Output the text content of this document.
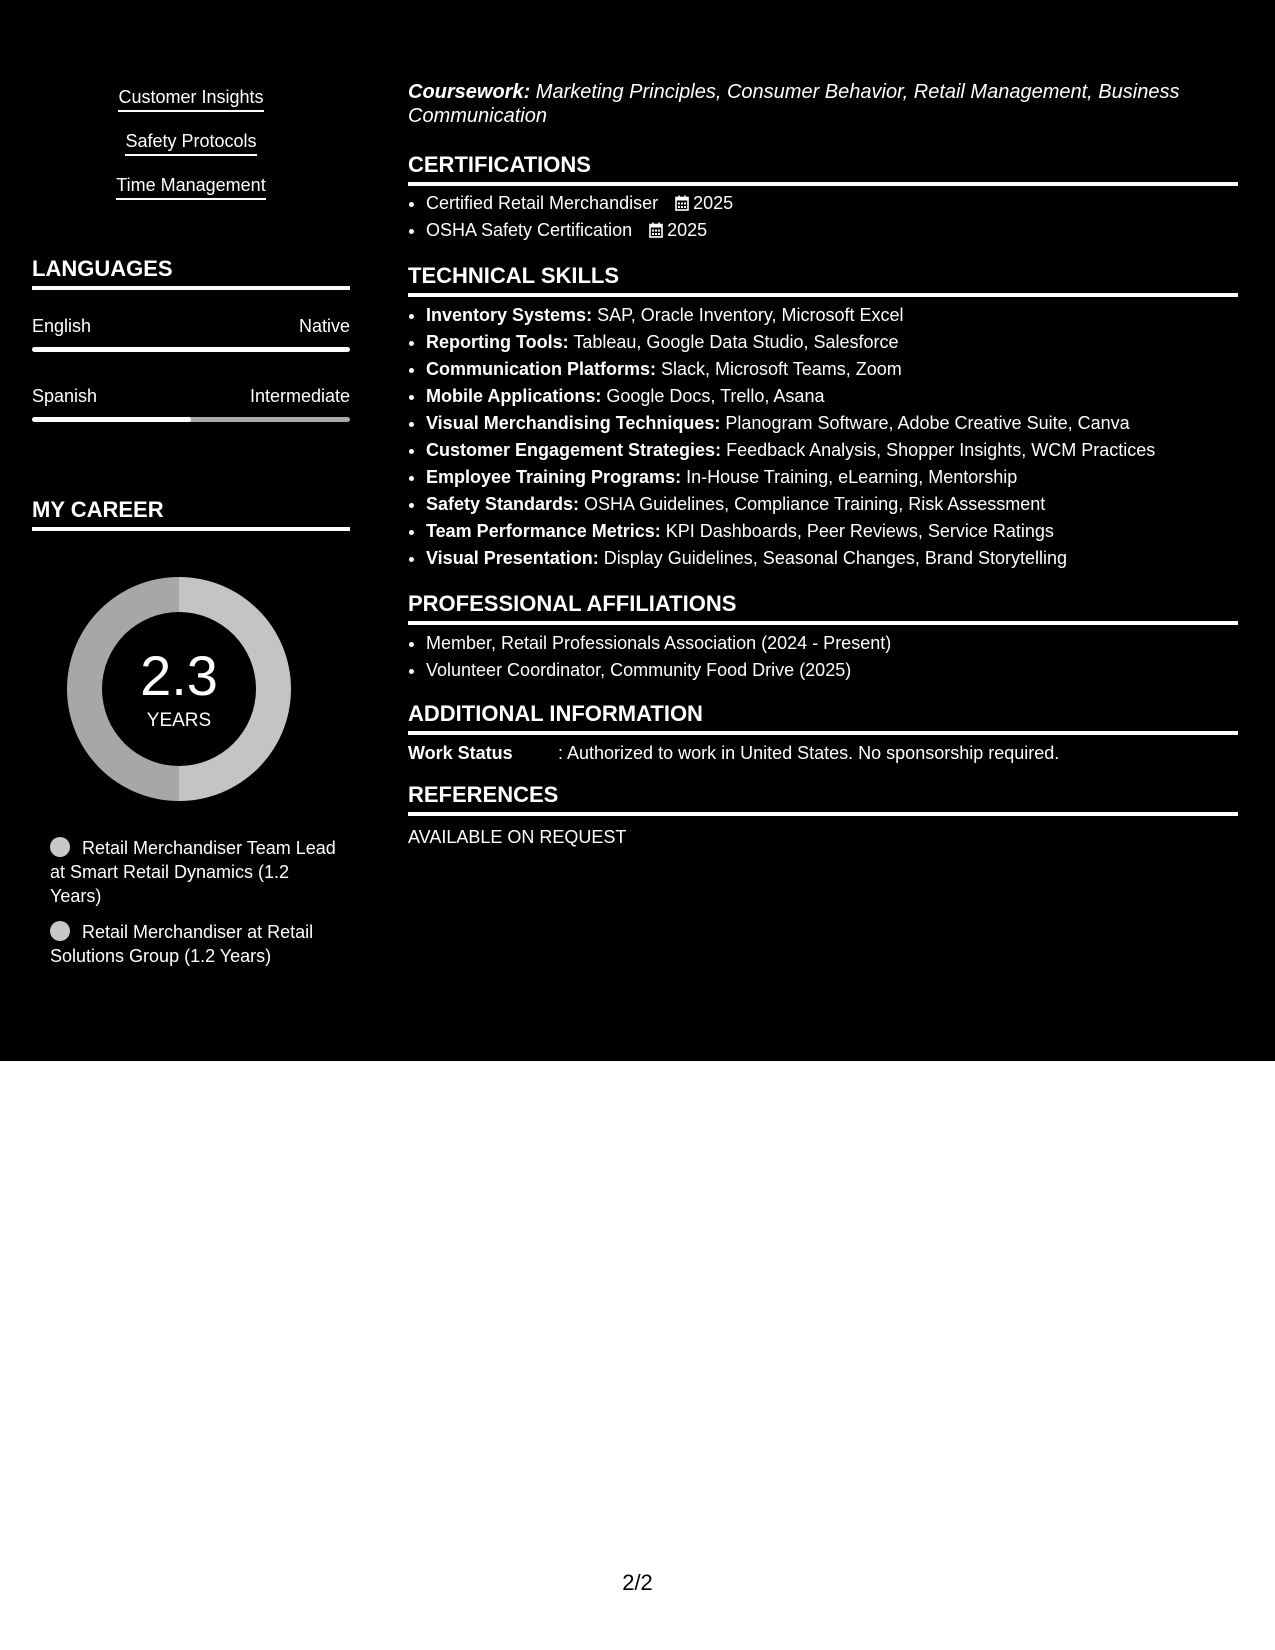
Customer Insights
Safety Protocols
Time Management
LANGUAGES
English	Native
Spanish	Intermediate
MY CAREER
2.3
YEARS
Retail Merchandiser Team Lead at Smart Retail Dynamics (1.2 Years)
Retail Merchandiser at Retail Solutions Group (1.2 Years)
Coursework: Marketing Principles, Consumer Behavior, Retail Management, Business Communication
CERTIFICATIONS
• Certified Retail Merchandiser 2025
• OSHA Safety Certification 2025
TECHNICAL SKILLS
• Inventory Systems: SAP, Oracle Inventory, Microsoft Excel
• Reporting Tools: Tableau, Google Data Studio, Salesforce
• Communication Platforms: Slack, Microsoft Teams, Zoom
• Mobile Applications: Google Docs, Trello, Asana
• Visual Merchandising Techniques: Planogram Software, Adobe Creative Suite, Canva
• Customer Engagement Strategies: Feedback Analysis, Shopper Insights, WCM Practices
• Employee Training Programs: In-House Training, eLearning, Mentorship
• Safety Standards: OSHA Guidelines, Compliance Training, Risk Assessment
• Team Performance Metrics: KPI Dashboards, Peer Reviews, Service Ratings
• Visual Presentation: Display Guidelines, Seasonal Changes, Brand Storytelling
PROFESSIONAL AFFILIATIONS
• Member, Retail Professionals Association (2024 - Present)
• Volunteer Coordinator, Community Food Drive (2025)
ADDITIONAL INFORMATION
Work Status	: Authorized to work in United States. No sponsorship required.
REFERENCES
AVAILABLE ON REQUEST
2/2
